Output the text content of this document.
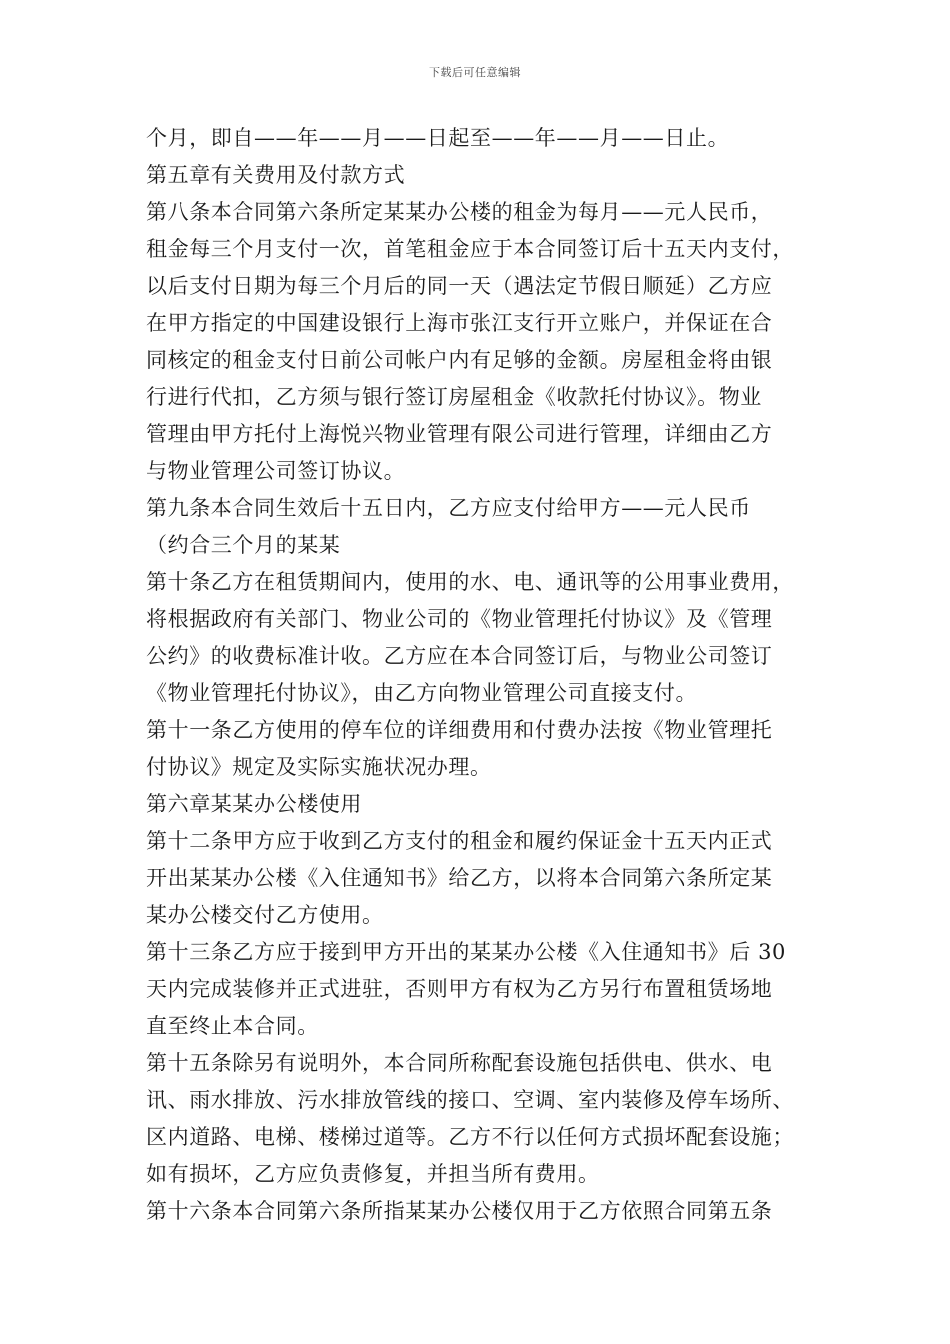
下载后可任意编辑
个月，即自——年——月——日起至——年——月——日止。
第五章有关费用及付款方式
第八条本合同第六条所定某某办公楼的租金为每月——元人民币，
租金每三个月支付一次，首笔租金应于本合同签订后十五天内支付，
以后支付日期为每三个月后的同一天（遇法定节假日顺延）乙方应
在甲方指定的中国建设银行上海市张江支行开立账户，并保证在合
同核定的租金支付日前公司帐户内有足够的金额。房屋租金将由银
行进行代扣，乙方须与银行签订房屋租金《收款托付协议》。物业
管理由甲方托付上海悦兴物业管理有限公司进行管理，详细由乙方
与物业管理公司签订协议。
第九条本合同生效后十五日内，乙方应支付给甲方——元人民币
（约合三个月的某某
第十条乙方在租赁期间内，使用的水、电、通讯等的公用事业费用，
将根据政府有关部门、物业公司的《物业管理托付协议》及《管理
公约》的收费标准计收。乙方应在本合同签订后，与物业公司签订
《物业管理托付协议》，由乙方向物业管理公司直接支付。
第十一条乙方使用的停车位的详细费用和付费办法按《物业管理托
付协议》规定及实际实施状况办理。
第六章某某办公楼使用
第十二条甲方应于收到乙方支付的租金和履约保证金十五天内正式
开出某某办公楼《入住通知书》给乙方，以将本合同第六条所定某
某办公楼交付乙方使用。
第十三条乙方应于接到甲方开出的某某办公楼《入住通知书》后 30
天内完成装修并正式进驻，否则甲方有权为乙方另行布置租赁场地
直至终止本合同。
第十五条除另有说明外，本合同所称配套设施包括供电、供水、电
讯、雨水排放、污水排放管线的接口、空调、室内装修及停车场所、
区内道路、电梯、楼梯过道等。乙方不行以任何方式损坏配套设施；
如有损坏，乙方应负责修复，并担当所有费用。
第十六条本合同第六条所指某某办公楼仅用于乙方依照合同第五条
